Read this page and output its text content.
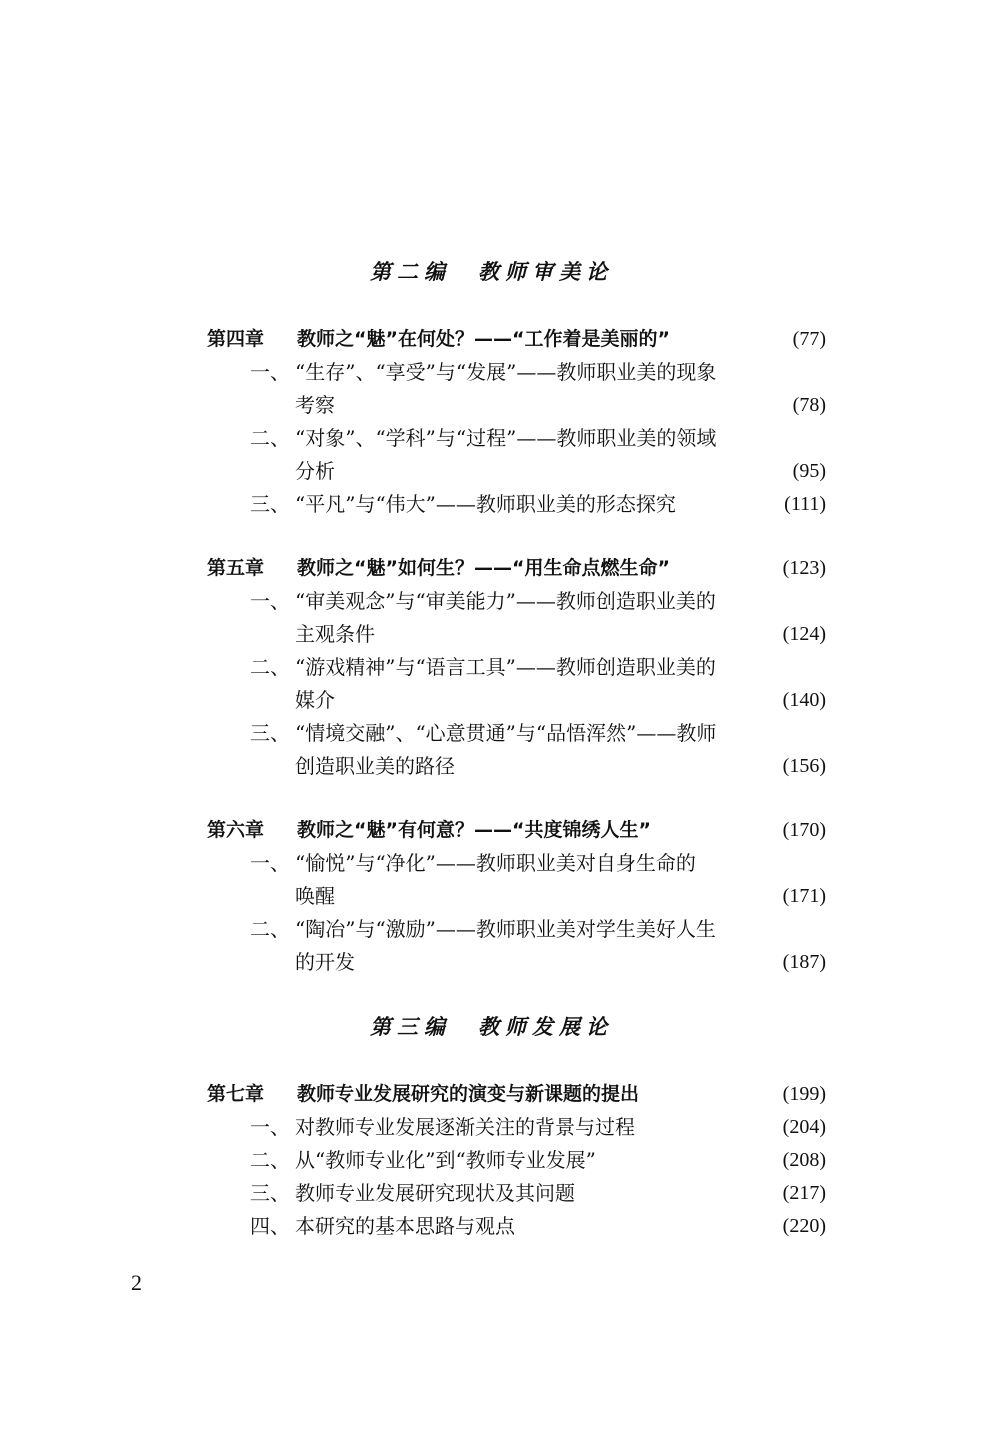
第二编　教师审美论
第四章	教师之“魅”在何处？——“工作着是美丽的”	(77)
一、 “生存”、“享受”与“发展”——教师职业美的现象
考察	(78)
二、 “对象”、“学科”与“过程”——教师职业美的领域
分析	(95)
三、 “平凡”与“伟大”——教师职业美的形态探究	(111)
第五章	教师之“魅”如何生？——“用生命点燃生命”	(123)
一、 “审美观念”与“审美能力”——教师创造职业美的
主观条件	(124)
二、 “游戏精神”与“语言工具”——教师创造职业美的
媒介	(140)
三、 “情境交融”、“心意贯通”与“品悟浑然”——教师
创造职业美的路径	(156)
第六章	教师之“魅”有何意？——“共度锦绣人生”	(170)
一、 “愉悦”与“净化”——教师职业美对自身生命的
唤醒	(171)
二、 “陶冶”与“激励”——教师职业美对学生美好人生
的开发	(187)
第三编　教师发展论
第七章	教师专业发展研究的演变与新课题的提出	(199)
一、 对教师专业发展逐渐关注的背景与过程	(204)
二、 从“教师专业化”到“教师专业发展”	(208)
三、 教师专业发展研究现状及其问题	(217)
四、 本研究的基本思路与观点	(220)
2
